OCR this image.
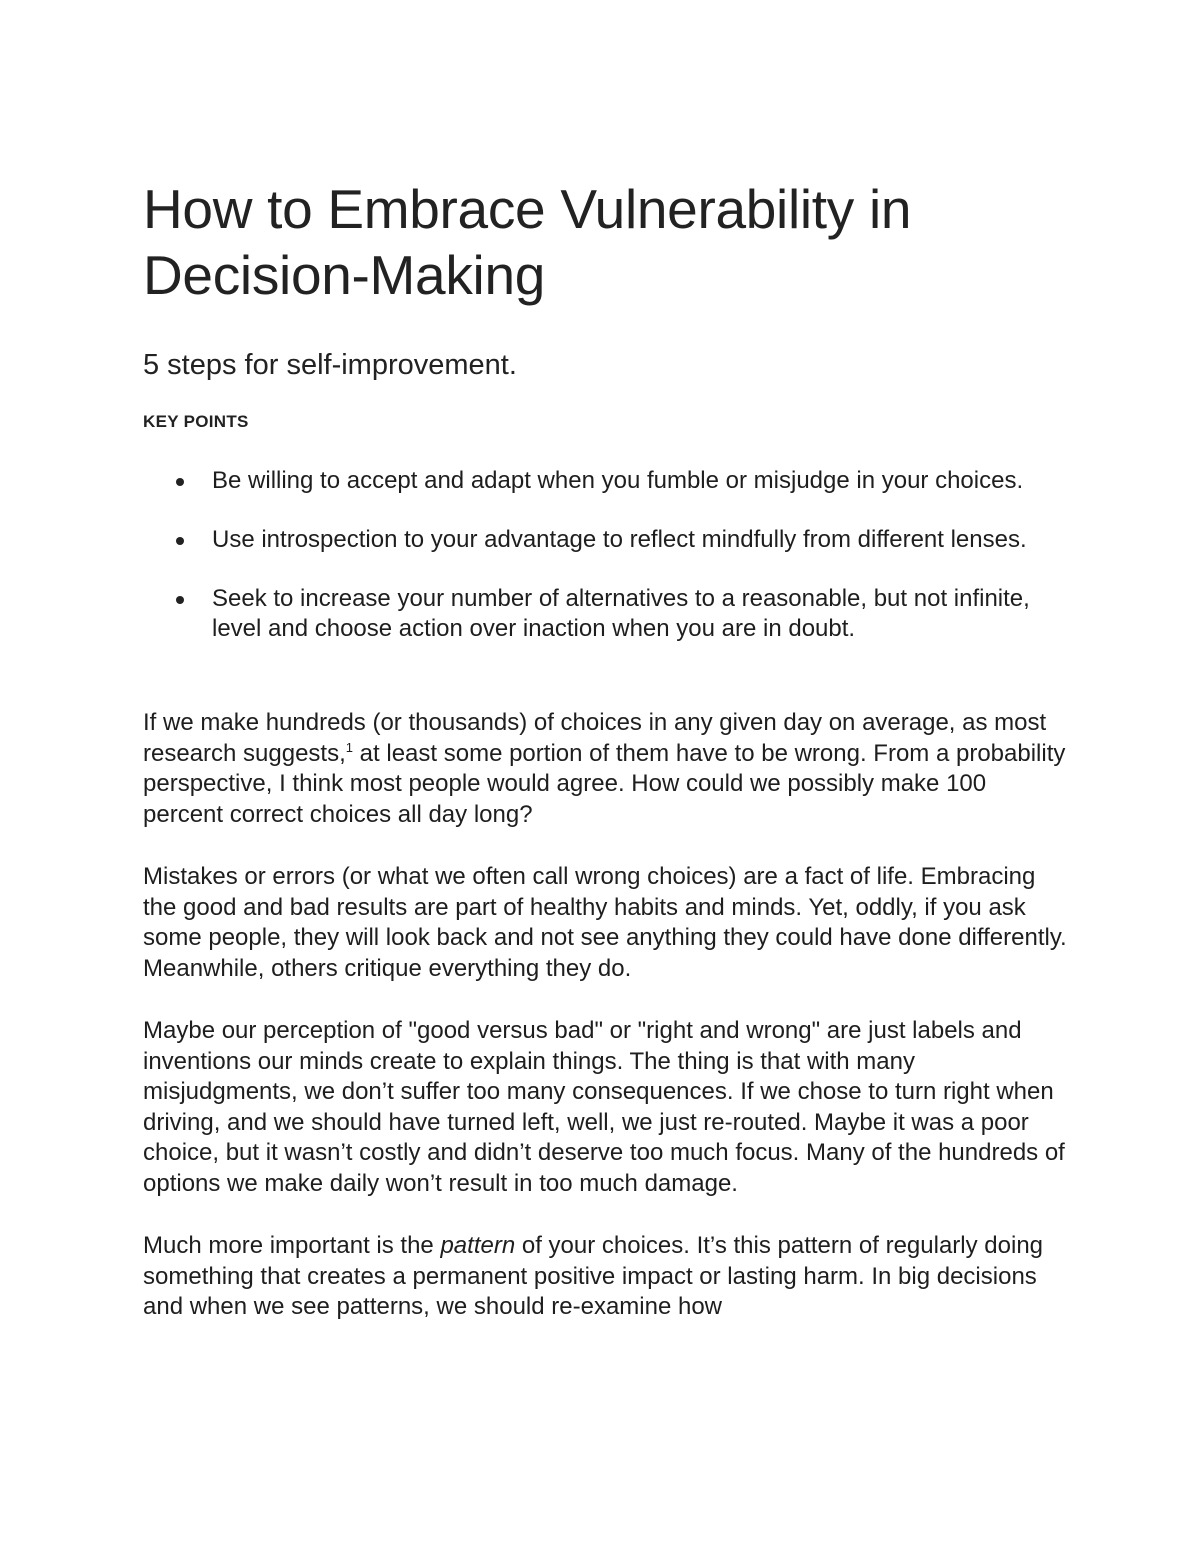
How to Embrace Vulnerability in Decision-Making

5 steps for self-improvement.

KEY POINTS

Be willing to accept and adapt when you fumble or misjudge in your choices.
Use introspection to your advantage to reflect mindfully from different lenses.
Seek to increase your number of alternatives to a reasonable, but not infinite, level and choose action over inaction when you are in doubt.

If we make hundreds (or thousands) of choices in any given day on average, as most research suggests,$^1$ at least some portion of them have to be wrong. From a probability perspective, I think most people would agree. How could we possibly make 100 percent correct choices all day long?

Mistakes or errors (or what we often call wrong choices) are a fact of life. Embracing the good and bad results are part of healthy habits and minds. Yet, oddly, if you ask some people, they will look back and not see anything they could have done differently. Meanwhile, others critique everything they do.

Maybe our perception of "good versus bad" or "right and wrong" are just labels and inventions our minds create to explain things. The thing is that with many misjudgments, we don’t suffer too many consequences. If we chose to turn right when driving, and we should have turned left, well, we just re-routed. Maybe it was a poor choice, but it wasn’t costly and didn’t deserve too much focus. Many of the hundreds of options we make daily won’t result in too much damage.

Much more important is the pattern of your choices. It’s this pattern of regularly doing something that creates a permanent positive impact or lasting harm. In big decisions and when we see patterns, we should re-examine how
